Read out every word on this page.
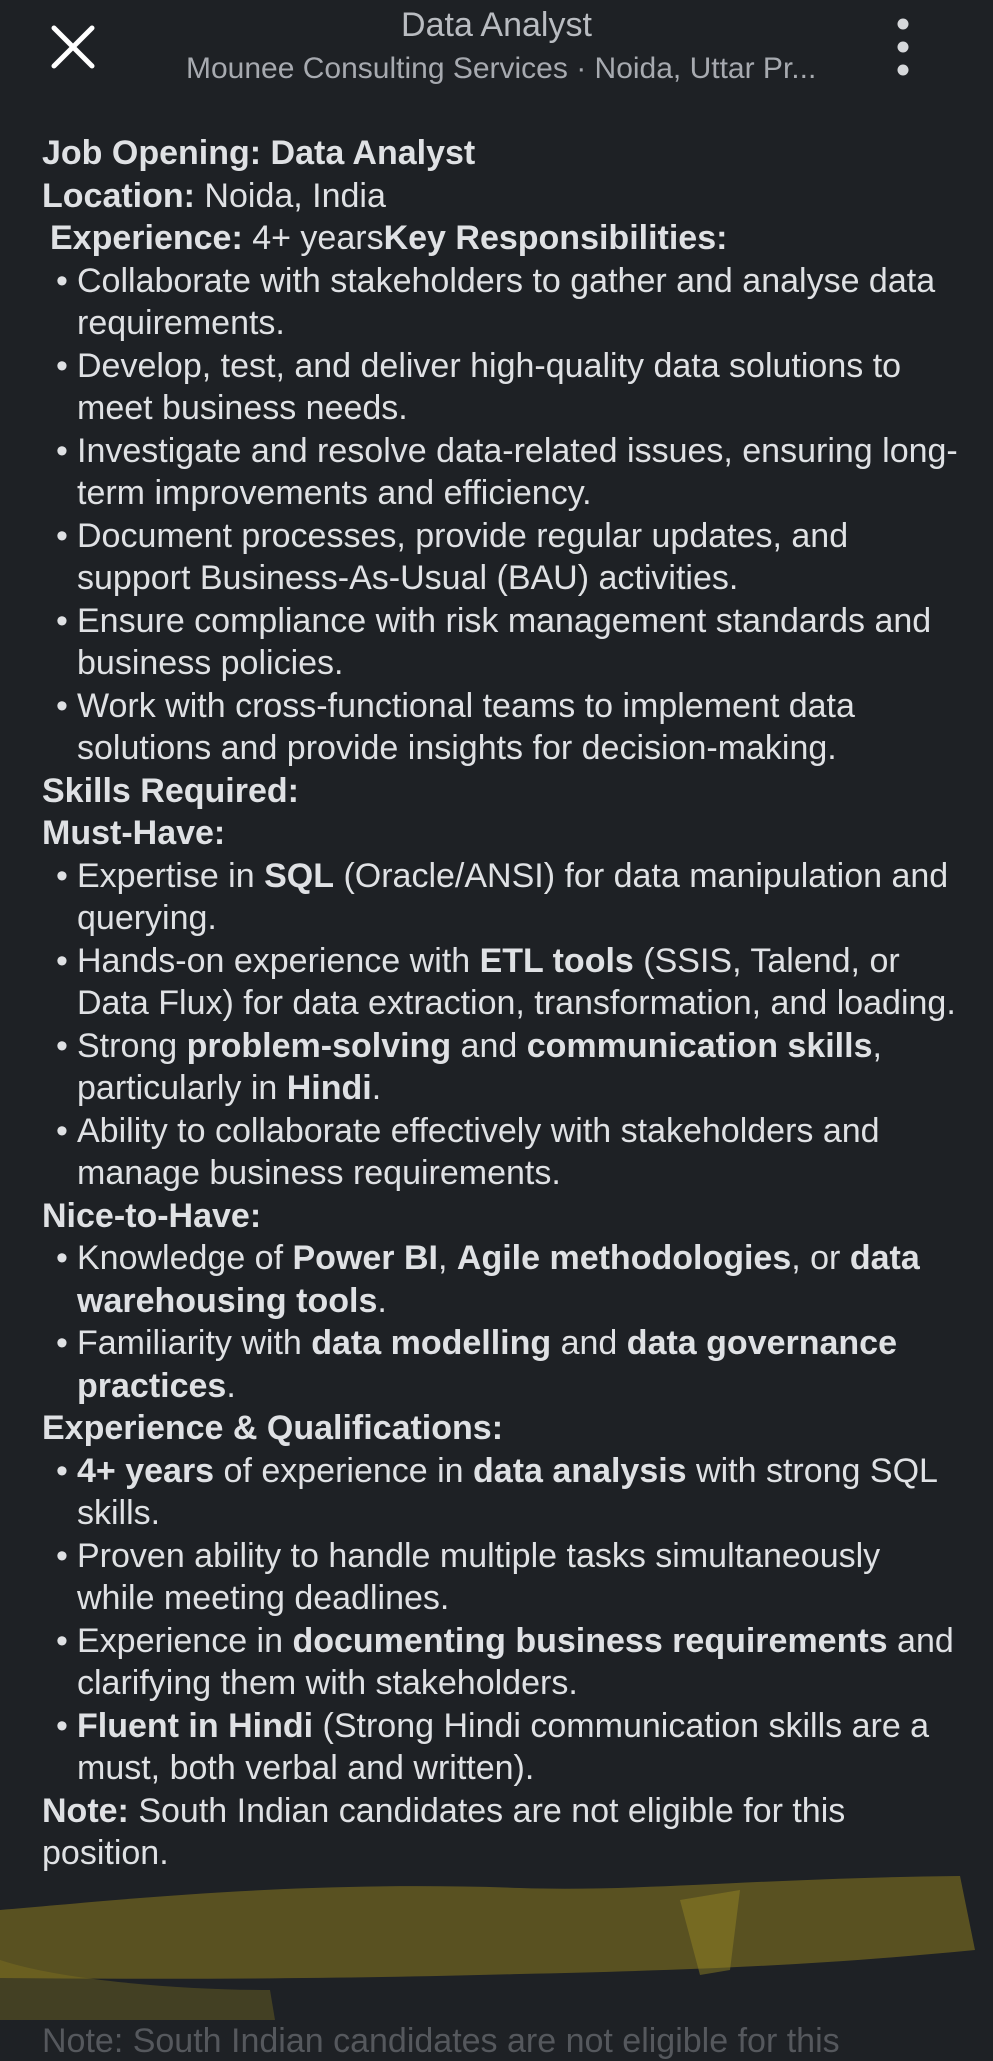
Data Analyst
Mounee Consulting Services · Noida, Uttar Pr...

Job Opening: Data Analyst

Location: Noida, India

Experience: 4+ yearsKey Responsibilities:

• Collaborate with stakeholders to gather and analyse data requirements.
• Develop, test, and deliver high-quality data solutions to meet business needs.
• Investigate and resolve data-related issues, ensuring long-term improvements and efficiency.
• Document processes, provide regular updates, and support Business-As-Usual (BAU) activities.
• Ensure compliance with risk management standards and business policies.
• Work with cross-functional teams to implement data solutions and provide insights for decision-making.

Skills Required:

Must-Have:

• Expertise in SQL (Oracle/ANSI) for data manipulation and querying.
• Hands-on experience with ETL tools (SSIS, Talend, or Data Flux) for data extraction, transformation, and loading.
• Strong problem-solving and communication skills, particularly in Hindi.
• Ability to collaborate effectively with stakeholders and manage business requirements.

Nice-to-Have:

• Knowledge of Power BI, Agile methodologies, or data warehousing tools.
• Familiarity with data modelling and data governance practices.

Experience & Qualifications:

• 4+ years of experience in data analysis with strong SQL skills.
• Proven ability to handle multiple tasks simultaneously while meeting deadlines.
• Experience in documenting business requirements and clarifying them with stakeholders.
• Fluent in Hindi (Strong Hindi communication skills are a must, both verbal and written).

Note: South Indian candidates are not eligible for this position.

Note: South Indian candidates are not eligible for this
